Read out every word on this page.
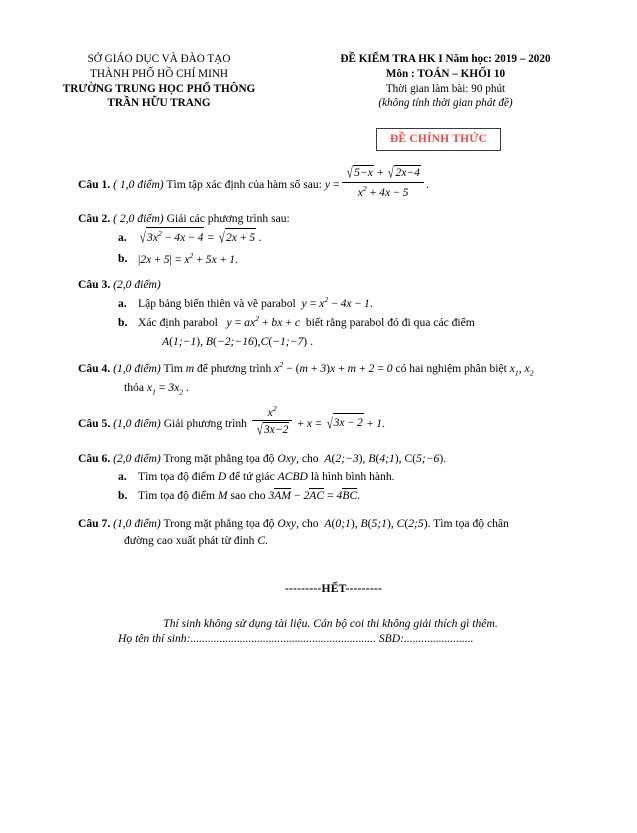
SỞ GIÁO DỤC VÀ ĐÀO TẠO
THÀNH PHỐ HỒ CHÍ MINH
TRƯỜNG TRUNG HỌC PHỔ THÔNG
TRẦN HỮU TRANG
ĐỀ KIỂM TRA HK I Năm học: 2019 – 2020
Môn : TOÁN – KHỐI 10
Thời gian làm bài: 90 phút
(không tính thời gian phát đề)
ĐỀ CHÍNH THỨC
Câu 1. ( 1,0 điểm) Tìm tập xác định của hàm số sau: $y = \frac{√5-x + √2x-4}{x^2 + 4x - 5}$ .
Câu 2. ( 2,0 điểm) Giải các phương trình sau:
a. $√3x^2 - 4x - 4 = √2x + 5$ .
b. $|2x + 5| = x^2 + 5x + 1$.
Câu 3. (2,0 điểm)
a. Lập bảng biến thiên và vẽ parabol  $y = x^2 - 4x - 1$.
b. Xác định parabol   $y = ax^2$ + bx + c biết rằng parabol đó đi qua các điểm
A(1;−1), B(−2;−16),C(−1;−7) .
Câu 4. (1,0 điểm) Tìm m để phương trình $x^2 - (m + 3)x + m + 2 = 0$ có hai nghiệm phân biệt $x_1$, $x_2$
thỏa $x_1 = 3x_2$ .
Câu 5. (1,0 điểm) Giải phương trình $\frac{x^2}{√3x-2} + x = √3x - 2 + 1$.
Câu 6. (2,0 điểm) Trong mặt phẳng tọa độ Oxy, cho A(2;−3), B(4;1), C(5;−6).
a. Tìm tọa độ điểm D để tứ giác ACBD là hình bình hành.
b. Tìm tọa độ điểm M sao cho 3AM − 2AC = 4BC.
Câu 7. (1,0 điểm) Trong mặt phẳng tọa độ Oxy, cho A(0;1), B(5;1), C(2;5). Tìm tọa độ chân
đường cao xuất phát từ đỉnh C.
---------HẾT---------
Thí sinh không sử dụng tài liệu. Cán bộ coi thi không giải thích gì thêm.
Họ tên thí sinh:................................................................ SBD:........................
